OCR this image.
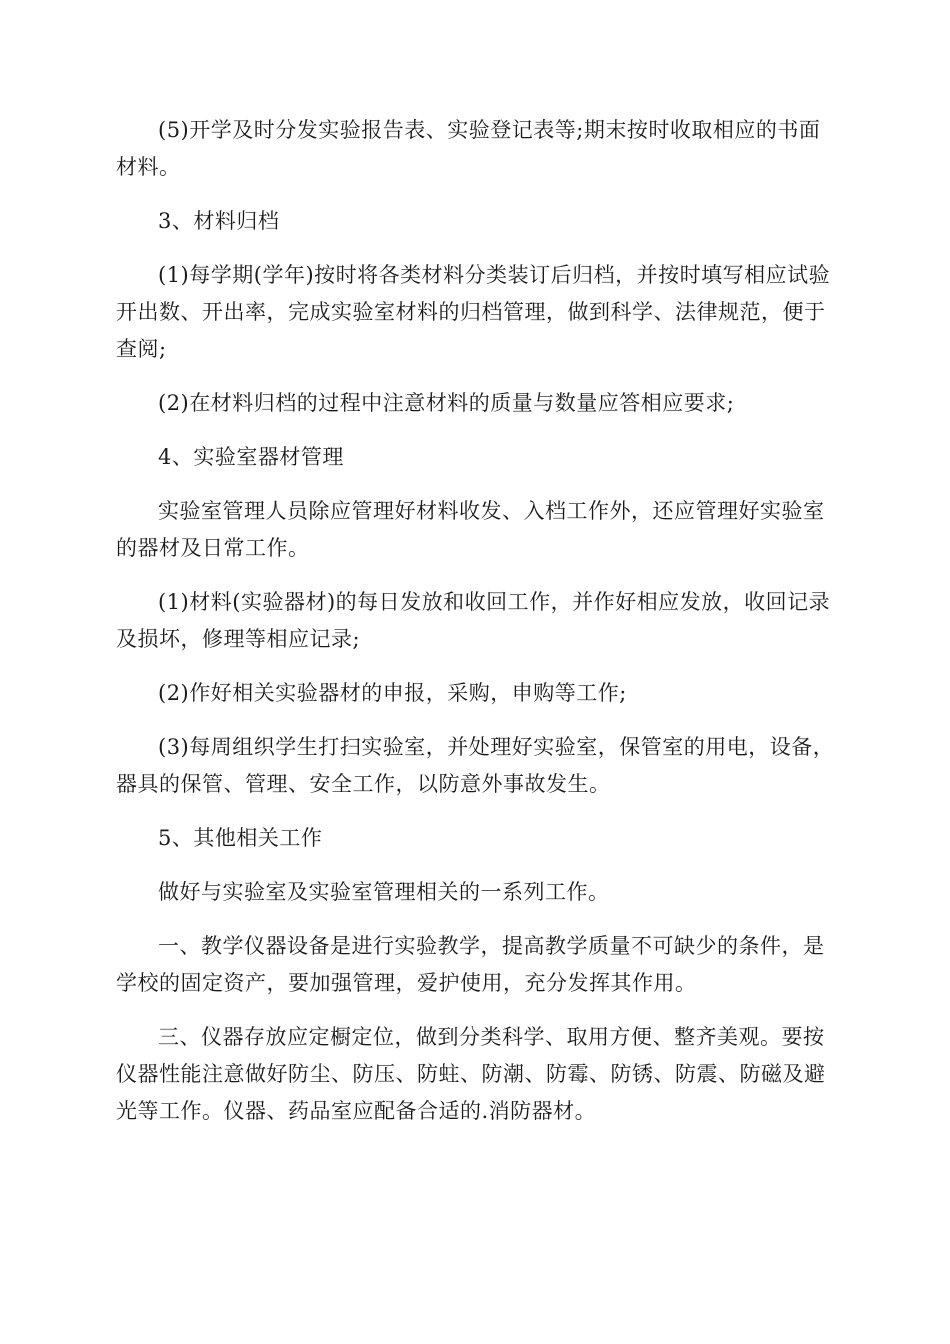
(5)开学及时分发实验报告表、实验登记表等;期末按时收取相应的书面材料。

3、材料归档

(1)每学期(学年)按时将各类材料分类装订后归档，并按时填写相应试验开出数、开出率，完成实验室材料的归档管理，做到科学、法律规范，便于查阅;

(2)在材料归档的过程中注意材料的质量与数量应答相应要求;

4、实验室器材管理

实验室管理人员除应管理好材料收发、入档工作外，还应管理好实验室的器材及日常工作。

(1)材料(实验器材)的每日发放和收回工作，并作好相应发放，收回记录及损坏，修理等相应记录;

(2)作好相关实验器材的申报，采购，申购等工作;

(3)每周组织学生打扫实验室，并处理好实验室，保管室的用电，设备，器具的保管、管理、安全工作，以防意外事故发生。

5、其他相关工作

做好与实验室及实验室管理相关的一系列工作。

一、教学仪器设备是进行实验教学，提高教学质量不可缺少的条件，是学校的固定资产，要加强管理，爱护使用，充分发挥其作用。

三、仪器存放应定橱定位，做到分类科学、取用方便、整齐美观。要按仪器性能注意做好防尘、防压、防蛀、防潮、防霉、防锈、防震、防磁及避光等工作。仪器、药品室应配备合适的.消防器材。
